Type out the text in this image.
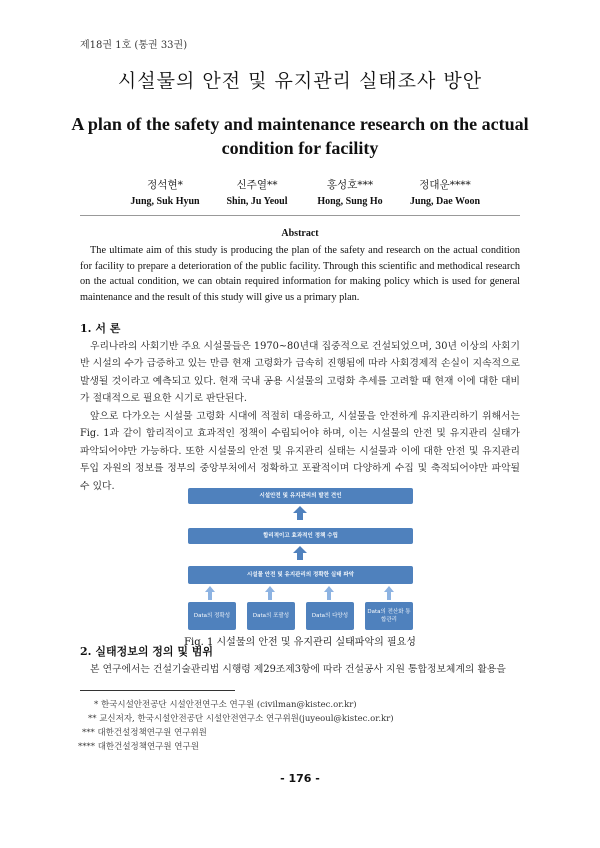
제18권 1호 (통권 33권)
시설물의 안전 및 유지관리 실태조사 방안
A plan of the safety and maintenance research on the actual condition for facility
정석현*
Jung, Suk Hyun
신주열**
Shin, Ju Yeoul
홍성호***
Hong, Sung Ho
정대운****
Jung, Dae Woon
Abstract
The ultimate aim of this study is producing the plan of the safety and research on the actual condition for facility to prepare a deterioration of the public facility. Through this scientific and methodical research on the actual condition, we can obtain required information for making policy which is used for general maintenance and the result of this study will give us a primary plan.
1. 서 론
우리나라의 사회기반 주요 시설물들은 1970~80년대 집중적으로 건설되었으며, 30년 이상의 사회기반 시설의 수가 급증하고 있는 만큼 현재 고령화가 급속히 진행됨에 따라 사회경제적 손실이 지속적으로 발생될 것이라고 예측되고 있다. 현재 국내 공용 시설물의 고령화 추세를 고려할 때 현재 이에 대한 대비가 절대적으로 필요한 시기로 판단된다.
앞으로 다가오는 시설물 고령화 시대에 적절히 대응하고, 시설물을 안전하게 유지관리하기 위해서는 Fig. 1과 같이 합리적이고 효과적인 정책이 수립되어야 하며, 이는 시설물의 안전 및 유지관리 실태가 파악되어야만 가능하다. 또한 시설물의 안전 및 유지관리 실태는 시설물과 이에 대한 안전 및 유지관리 투입 자원의 정보를 정부의 중앙부처에서 정확하고 포괄적이며 다양하게 수집 및 축적되어야만 파악될 수 있다.
시설안전 및 유지관리의 발전 견인
합리적이고 효과적인 정책 수립
시설물 안전 및 유지관리의 정확한 실태 파악
Data의 정확성	Data의 포괄성	Data의 다양성
Data의 전산화 통합관리
Fig. 1 시설물의 안전 및 유지관리 실태파악의 필요성
2. 실태정보의 정의 및 범위
본 연구에서는 건설기술관리법 시행령 제29조제3항에 따라 건설공사 지원 통합정보체계의 활용을
* 한국시설안전공단 시설안전연구소 연구원 (civilman@kistec.or.kr)
** 교신저자, 한국시설안전공단 시설안전연구소 연구위원(juyeoul@kistec.or.kr)
*** 대한건설정책연구원 연구위원
**** 대한건설정책연구원 연구원
- 176 -
